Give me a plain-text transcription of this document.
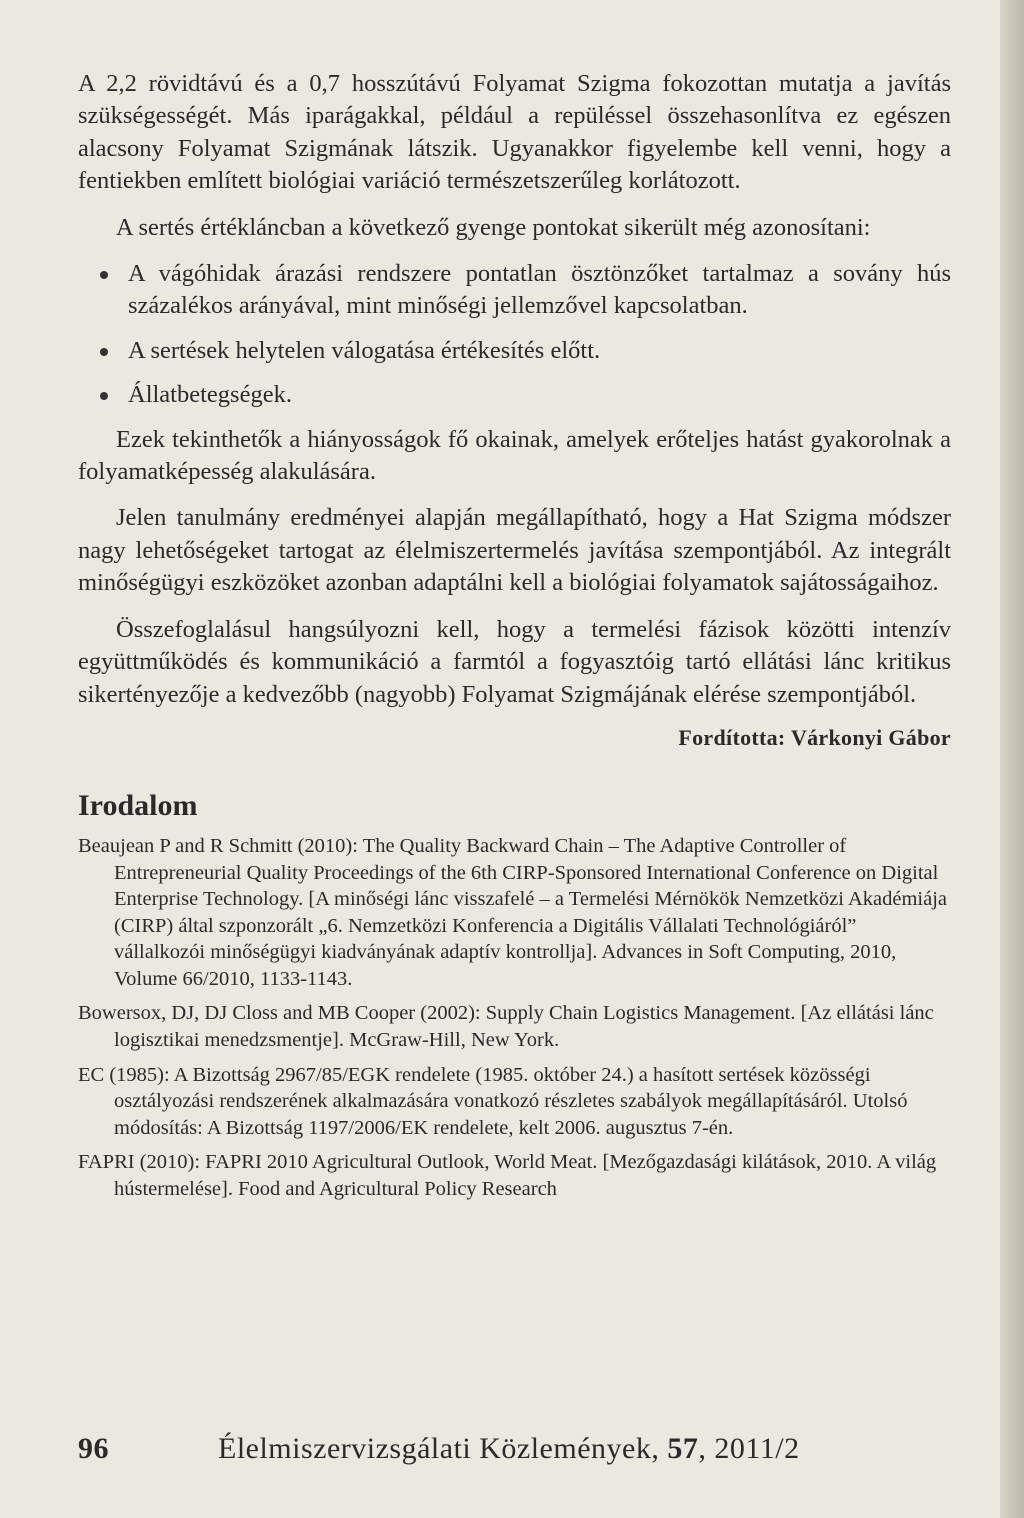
A 2,2 rövidtávú és a 0,7 hosszútávú Folyamat Szigma fokozottan mutatja a javítás szükségességét. Más iparágakkal, például a repüléssel összehasonlítva ez egészen alacsony Folyamat Szigmának látszik. Ugyanakkor figyelembe kell venni, hogy a fentiekben említett biológiai variáció természetszerűleg korlátozott.

A sertés értékláncban a következő gyenge pontokat sikerült még azonosítani:

A vágóhidak árazási rendszere pontatlan ösztönzőket tartalmaz a sovány hús százalékos arányával, mint minőségi jellemzővel kapcsolatban.
A sertések helytelen válogatása értékesítés előtt.
Állatbetegségek.

Ezek tekinthetők a hiányosságok fő okainak, amelyek erőteljes hatást gyakorolnak a folyamatképesség alakulására.

Jelen tanulmány eredményei alapján megállapítható, hogy a Hat Szigma módszer nagy lehetőségeket tartogat az élelmiszertermelés javítása szempontjából. Az integrált minőségügyi eszközöket azonban adaptálni kell a biológiai folyamatok sajátosságaihoz.

Összefoglalásul hangsúlyozni kell, hogy a termelési fázisok közötti intenzív együttműködés és kommunikáció a farmtól a fogyasztóig tartó ellátási lánc kritikus sikertényezője a kedvezőbb (nagyobb) Folyamat Szigmájának elérése szempontjából.

Fordította: Várkonyi Gábor
Irodalom
Beaujean P and R Schmitt (2010): The Quality Backward Chain – The Adaptive Controller of Entrepreneurial Quality Proceedings of the 6th CIRP-Sponsored International Conference on Digital Enterprise Technology. [A minőségi lánc visszafelé – a Termelési Mérnökök Nemzetközi Akadémiája (CIRP) által szponzorált „6. Nemzetközi Konferencia a Digitális Vállalati Technológiáról” vállalkozói minőségügyi kiadványának adaptív kontrollja]. Advances in Soft Computing, 2010, Volume 66/2010, 1133-1143.
Bowersox, DJ, DJ Closs and MB Cooper (2002): Supply Chain Logistics Management. [Az ellátási lánc logisztikai menedzsmentje]. McGraw-Hill, New York.
EC (1985): A Bizottság 2967/85/EGK rendelete (1985. október 24.) a hasított sertések közösségi osztályozási rendszerének alkalmazására vonatkozó részletes szabályok megállapításáról. Utolsó módosítás: A Bizottság 1197/2006/EK rendelete, kelt 2006. augusztus 7-én.
FAPRI (2010): FAPRI 2010 Agricultural Outlook, World Meat. [Mezőgazdasági kilátások, 2010. A világ hústermelése]. Food and Agricultural Policy Research
96	Élelmiszervizsgálati Közlemények, 57, 2011/2
